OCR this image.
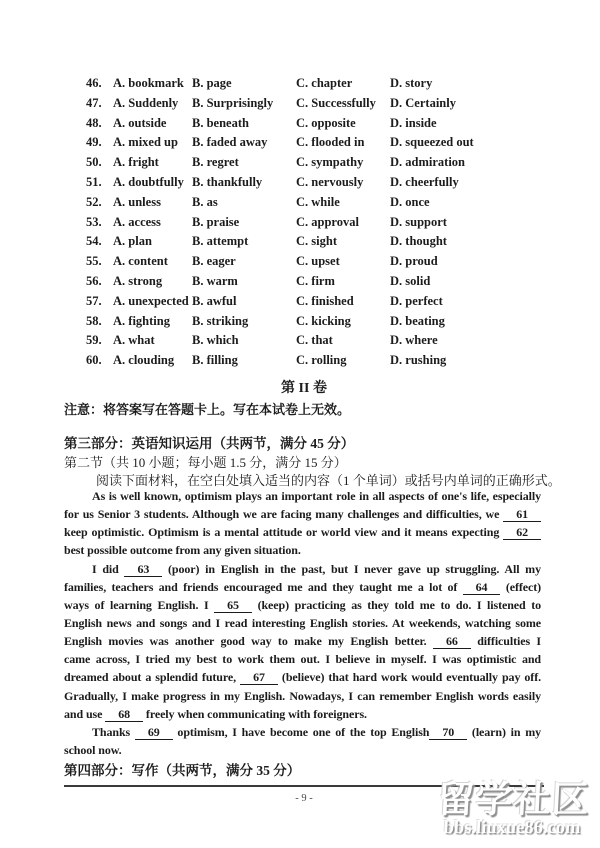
46. A. bookmark B. page	C. chapter	D. story
47. A. Suddenly	B. Surprisingly	C. Successfully	D. Certainly
48. A. outside	B. beneath	C. opposite	D. inside
49. A. mixed up	B. faded away	C. flooded in	D. squeezed out
50. A. fright	B. regret	C. sympathy	D. admiration
51. A. doubtfully B. thankfully	C. nervously	D. cheerfully
52. A. unless	B. as	C. while	D. once
53. A. access	B. praise	C. approval	D. support
54. A. plan	B. attempt	C. sight	D. thought
55. A. content	B. eager	C. upset	D. proud
56. A. strong	B. warm	C. firm	D. solid
57. A. unexpected B. awful	C. finished	D. perfect
58. A. fighting	B. striking	C. kicking	D. beating
59. A. what	B. which	C. that	D. where
60. A. clouding	B. filling	C. rolling	D. rushing
第 II 卷
注意：将答案写在答题卡上。写在本试卷上无效。
第三部分：英语知识运用（共两节，满分 45 分）
第二节（共 10 小题；每小题 1.5 分，满分 15 分）
阅读下面材料，在空白处填入适当的内容（1 个单词）或括号内单词的正确形式。
As is well known, optimism plays an important role in all aspects of one's life, especially
for us Senior 3 students. Although we are facing many challenges and difficulties, we 61
keep optimistic. Optimism is a mental attitude or world view and it means expecting 62
best possible outcome from any given situation.
I did 63 (poor) in English in the past, but I never gave up struggling. All my
families, teachers and friends encouraged me and they taught me a lot of 64 (effect)
ways of learning English. I 65 (keep) practicing as they told me to do. I listened to
English news and songs and I read interesting English stories. At weekends, watching some
English movies was another good way to make my English better. 66 difficulties I
came across, I tried my best to work them out. I believe in myself. I was optimistic and
dreamed about a splendid future, 67 (believe) that hard work would eventually pay off.
Gradually, I make progress in my English. Nowadays, I can remember English words easily
and use 68 freely when communicating with foreigners.
Thanks 69 optimism, I have become one of the top English 70 (learn) in my
school now.
第四部分：写作（共两节，满分 35 分）
- 9 -	留学社区
bbs.liuxue86.com
